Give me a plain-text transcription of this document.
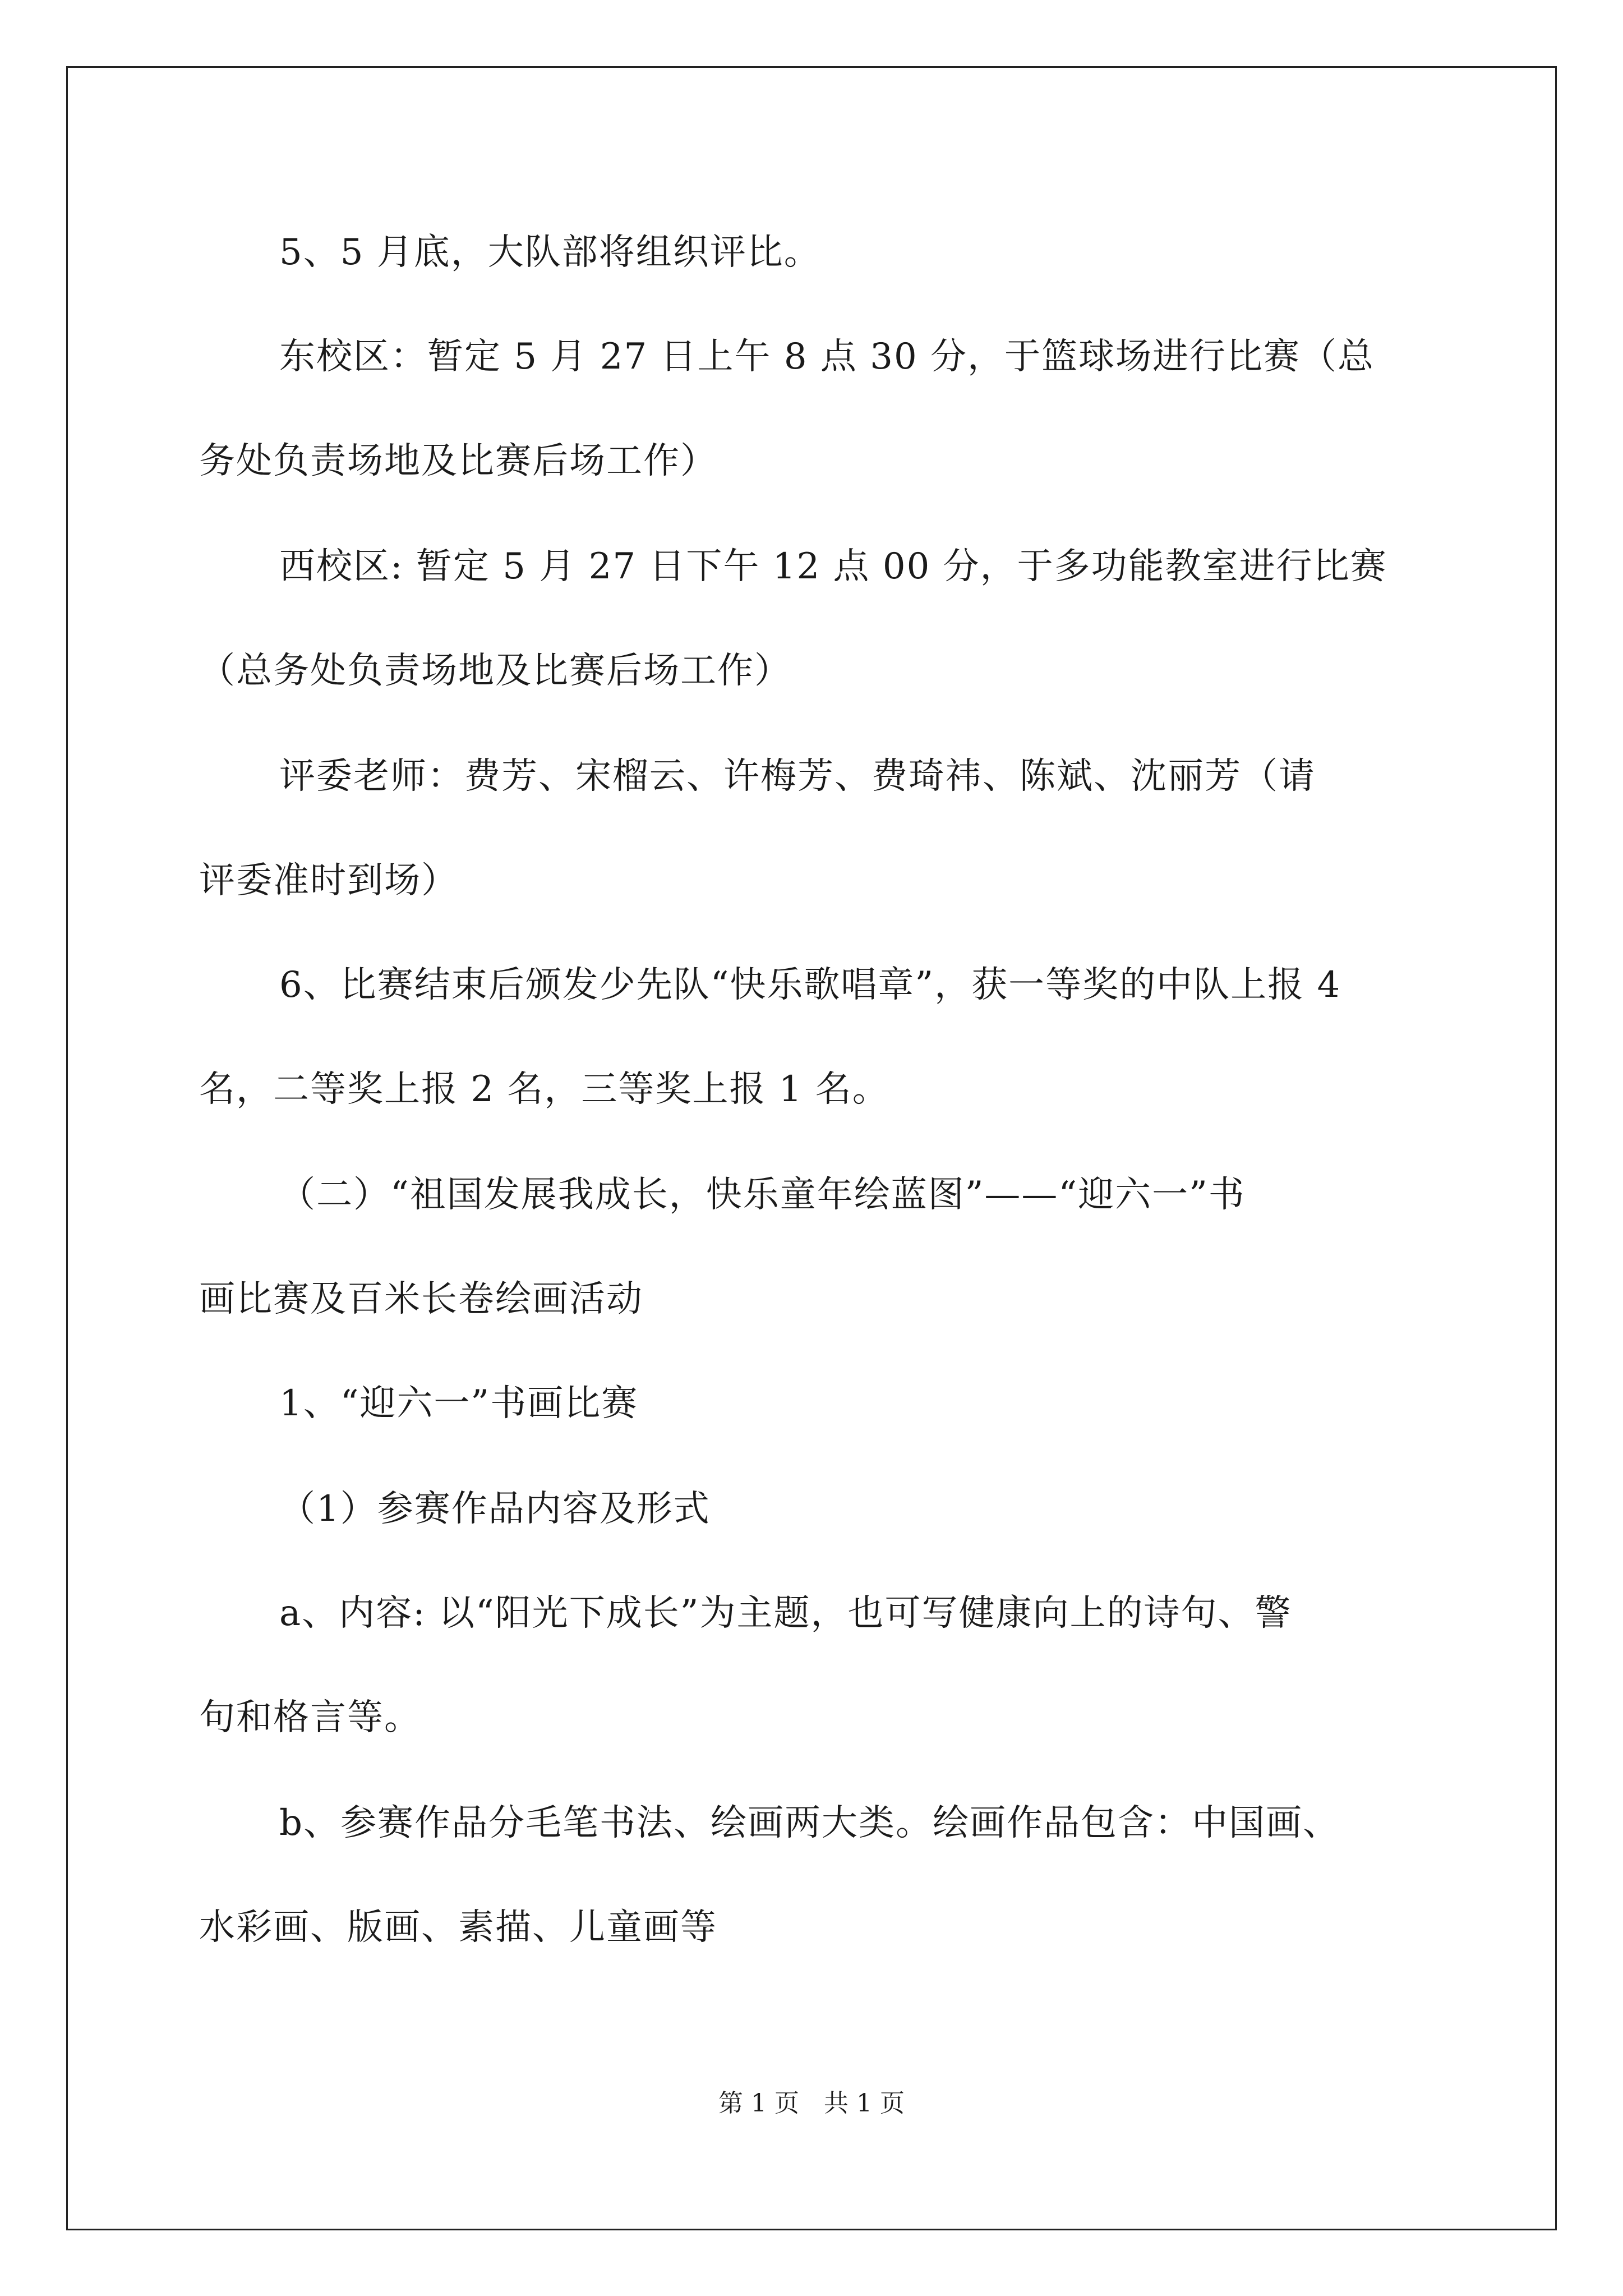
5、5 月底，大队部将组织评比。
东校区：暂定 5 月 27 日上午 8 点 30 分，于篮球场进行比赛（总
务处负责场地及比赛后场工作）
西校区: 暂定 5 月 27 日下午 12 点 00 分，于多功能教室进行比赛
（总务处负责场地及比赛后场工作）
评委老师：费芳、宋榴云、许梅芳、费琦祎、陈斌、沈丽芳（请
评委准时到场）
6、比赛结束后颁发少先队“快乐歌唱章”，获一等奖的中队上报 4
名，二等奖上报 2 名，三等奖上报 1 名。
（二）“祖国发展我成长，快乐童年绘蓝图”——“迎六一”书
画比赛及百米长卷绘画活动
1、“迎六一”书画比赛
（1）参赛作品内容及形式
a、内容: 以“阳光下成长”为主题，也可写健康向上的诗句、警
句和格言等。
b、参赛作品分毛笔书法、绘画两大类。绘画作品包含：中国画、
水彩画、版画、素描、儿童画等
第 1 页　共 1 页
